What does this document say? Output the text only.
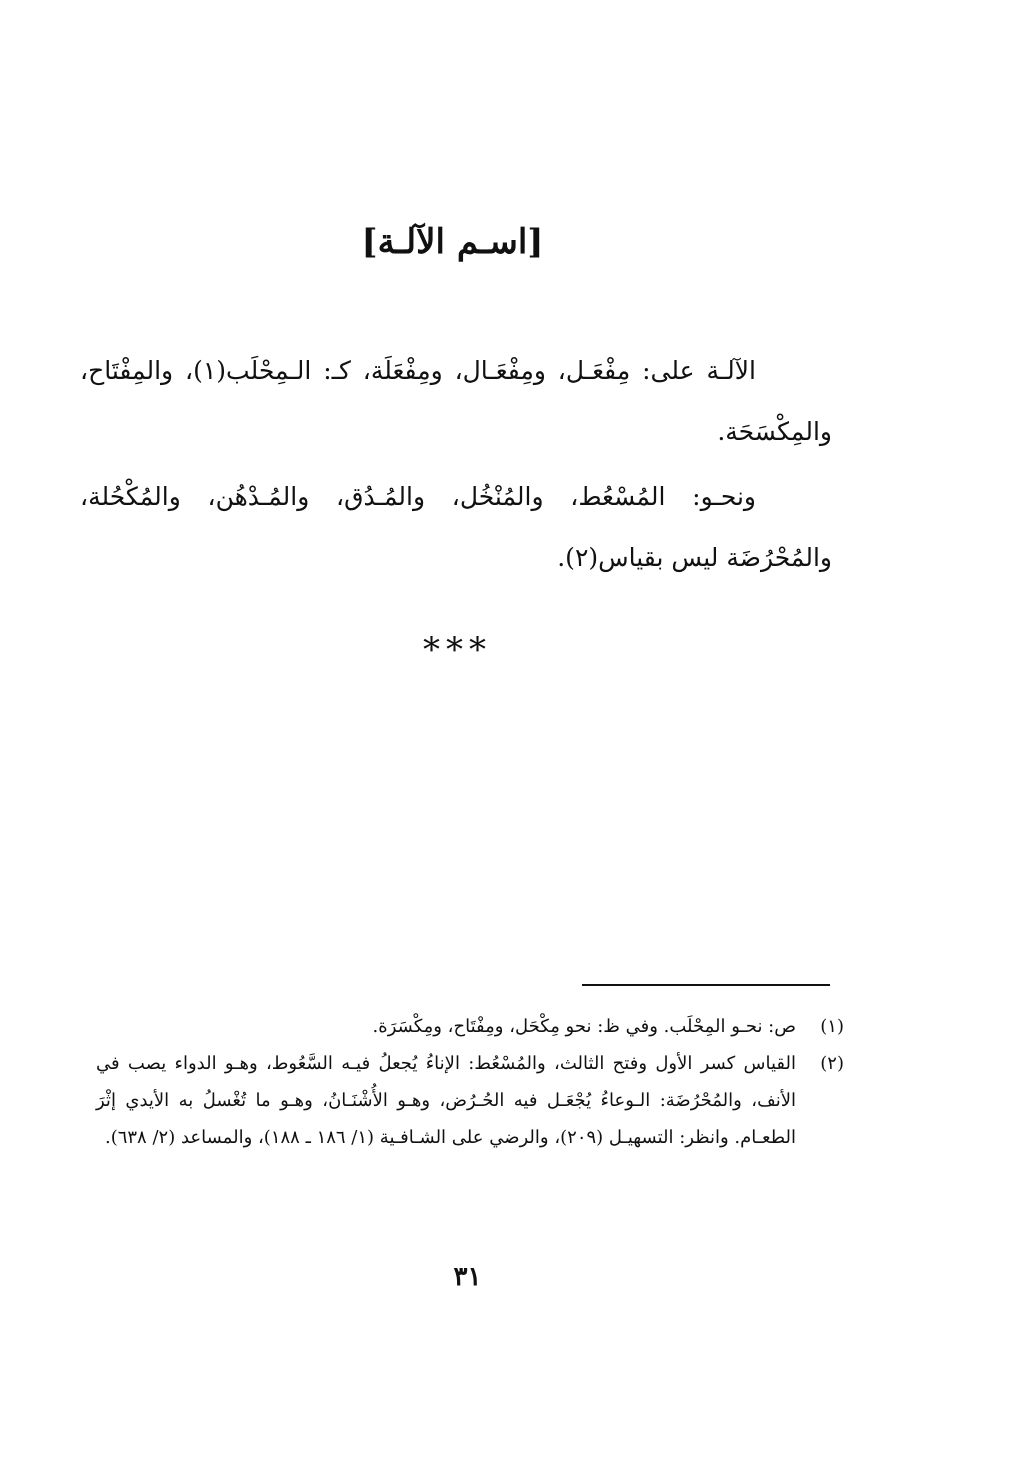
[اسـم الآلـة]
الآلـة على: مِفْعَـل، ومِفْعَـال، ومِفْعَلَة، كـ: الـمِحْلَب(١)، والمِفْتَاح، والمِكْسَحَة.
ونحـو: المُسْعُط، والمُنْخُل، والمُـدُق، والمُـدْهُن، والمُكْحُلة، والمُحْرُضَة ليس بقياس(٢).
***
(١)
ص: نحـو المِحْلَب. وفي ظ: نحو مِكْحَل، ومِفْتَاح، ومِكْسَرَة.
(٢)
القياس كسر الأول وفتح الثالث، والمُسْعُط: الإناءُ يُجعلُ فيـه السَّعُوط، وهـو الدواء يصب في الأنف، والمُحْرُضَة: الـوعاءُ يُجْعَـل فيه الحُـرُض، وهـو الأُشْنَـانُ، وهـو ما تُغْسلُ به الأيدي إثْرَ الطعـام. وانظر: التسهيـل (٢٠٩)، والرضي على الشـافـية (١/ ١٨٦ ـ ١٨٨)، والمساعد (٢/ ٦٣٨).
٣١
